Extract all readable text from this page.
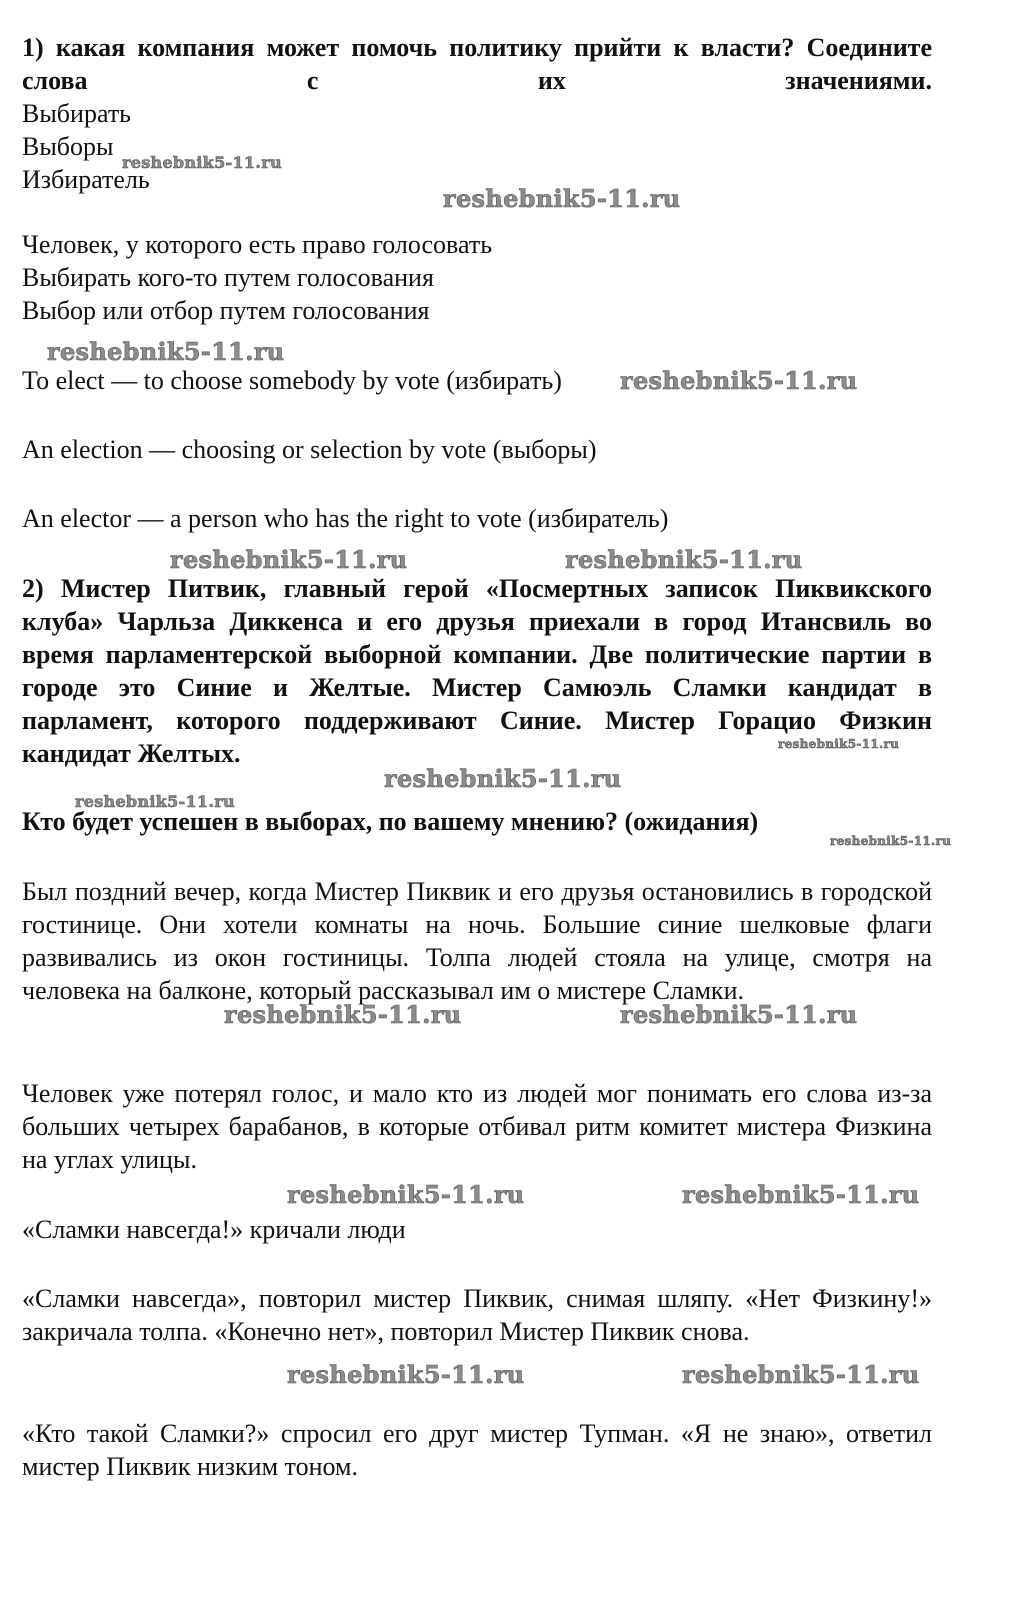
1) какая компания может помочь политику прийти к власти? Соедините слова с их значениями.
Выбирать
Выборы
Избиратель
Человек, у которого есть право голосовать
Выбирать кого-то путем голосования
Выбор или отбор путем голосования
To elect — to choose somebody by vote (избирать)
An election — choosing or selection by vote (выборы)
An elector — a person who has the right to vote (избиратель)
2) Мистер Питвик, главный герой «Посмертных записок Пиквикского клуба» Чарльза Диккенса и его друзья приехали в город Итансвиль во время парламентерской выборной компании. Две политические партии в городе это Синие и Желтые. Мистер Самюэль Сламки кандидат в парламент, которого поддерживают Синие. Мистер Горацио Физкин кандидат Желтых.
Кто будет успешен в выборах, по вашему мнению? (ожидания)
Был поздний вечер, когда Мистер Пиквик и его друзья остановились в городской гостинице. Они хотели комнаты на ночь. Большие синие шелковые флаги развивались из окон гостиницы. Толпа людей стояла на улице, смотря на человека на балконе, который рассказывал им о мистере Сламки.
Человек уже потерял голос, и мало кто из людей мог понимать его слова из-за больших четырех барабанов, в которые отбивал ритм комитет мистера Физкина на углах улицы.
«Сламки навсегда!» кричали люди
«Сламки навсегда», повторил мистер Пиквик, снимая шляпу. «Нет Физкину!» закричала толпа. «Конечно нет», повторил Мистер Пиквик снова.
«Кто такой Сламки?» спросил его друг мистер Тупман. «Я не знаю», ответил мистер Пиквик низким тоном.
reshebnik5-11.ru
reshebnik5-11.ru
reshebnik5-11.ru
reshebnik5-11.ru
reshebnik5-11.ru	reshebnik5-11.ru
reshebnik5-11.ru
reshebnik5-11.ru
reshebnik5-11.ru
reshebnik5-11.ru
reshebnik5-11.ru	reshebnik5-11.ru
reshebnik5-11.ru	reshebnik5-11.ru
reshebnik5-11.ru	reshebnik5-11.ru
